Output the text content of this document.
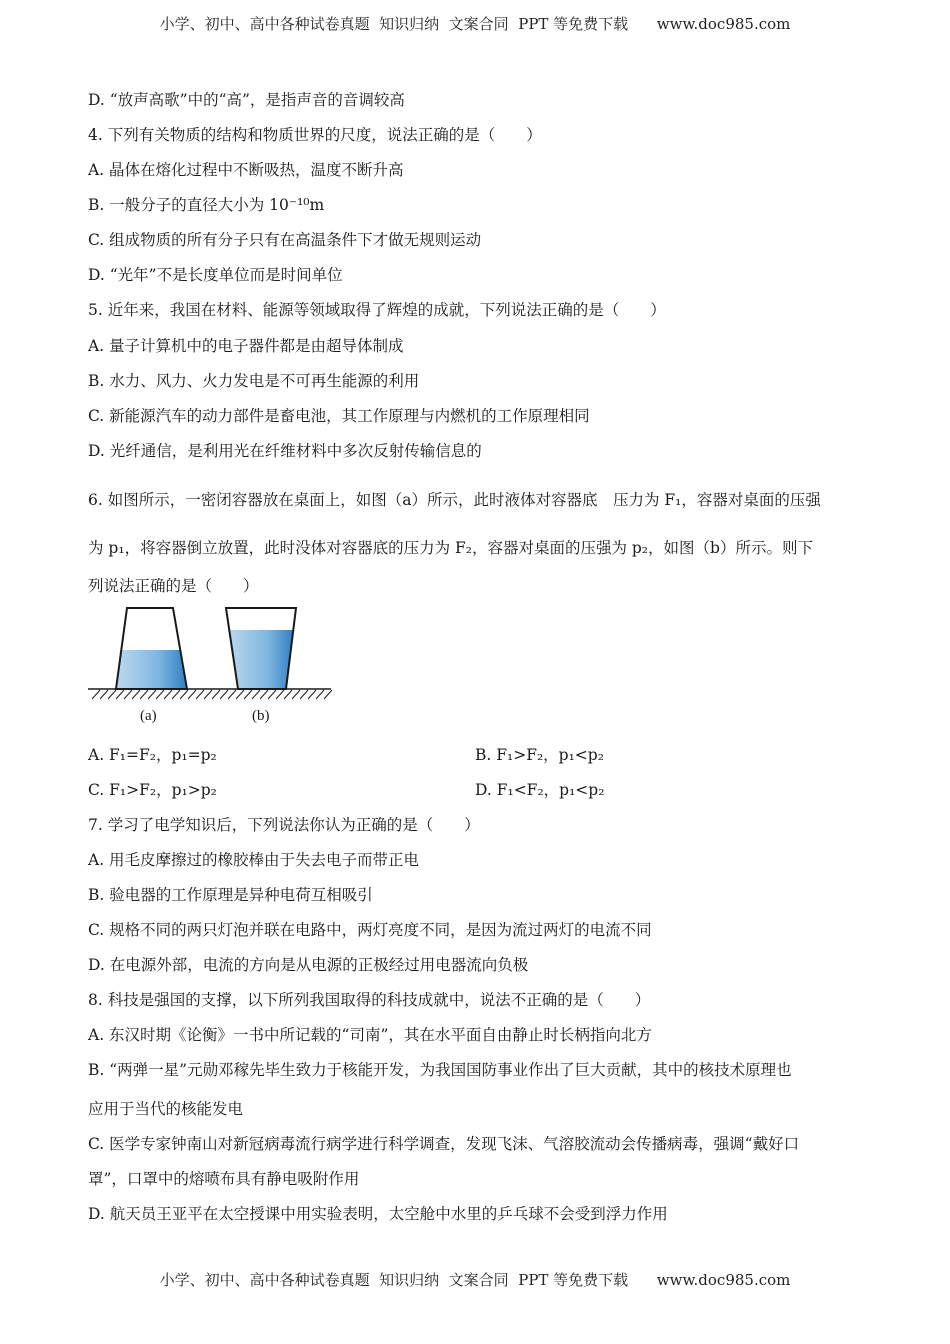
小学、初中、高中各种试卷真题  知识归纳  文案合同  PPT 等免费下载      www.doc985.com
D. “放声高歌”中的“高”，是指声音的音调较高
4. 下列有关物质的结构和物质世界的尺度，说法正确的是（　　）
A. 晶体在熔化过程中不断吸热，温度不断升高
B. 一般分子的直径大小为 10⁻¹⁰m
C. 组成物质的所有分子只有在高温条件下才做无规则运动
D. “光年”不是长度单位而是时间单位
5. 近年来，我国在材料、能源等领域取得了辉煌的成就，下列说法正确的是（　　）
A. 量子计算机中的电子器件都是由超导体制成
B. 水力、风力、火力发电是不可再生能源的利用
C. 新能源汽车的动力部件是畜电池，其工作原理与内燃机的工作原理相同
D. 光纤通信，是利用光在纤维材料中多次反射传输信息的
6. 如图所示，一密闭容器放在桌面上，如图（a）所示，此时液体对容器底　压力为 F₁，容器对桌面的压强
为 p₁，将容器倒立放置，此时没体对容器底的压力为 F₂，容器对桌面的压强为 p₂，如图（b）所示。则下
列说法正确的是（　　）
(a)	(b)
A. F₁=F₂，p₁=p₂	B. F₁>F₂，p₁<p₂
C. F₁>F₂，p₁>p₂	D. F₁<F₂，p₁<p₂
7. 学习了电学知识后，下列说法你认为正确的是（　　）
A. 用毛皮摩擦过的橡胶棒由于失去电子而带正电
B. 验电器的工作原理是异种电荷互相吸引
C. 规格不同的两只灯泡并联在电路中，两灯亮度不同，是因为流过两灯的电流不同
D. 在电源外部，电流的方向是从电源的正极经过用电器流向负极
8. 科技是强国的支撑，以下所列我国取得的科技成就中，说法不正确的是（　　）
A. 东汉时期《论衡》一书中所记载的“司南”，其在水平面自由静止时长柄指向北方
B. “两弹一星”元勋邓稼先毕生致力于核能开发，为我国国防事业作出了巨大贡献，其中的核技术原理也
应用于当代的核能发电
C. 医学专家钟南山对新冠病毒流行病学进行科学调查，发现飞沫、气溶胶流动会传播病毒，强调“戴好口
罩”，口罩中的熔喷布具有静电吸附作用
D. 航天员王亚平在太空授课中用实验表明，太空舱中水里的乒乓球不会受到浮力作用
小学、初中、高中各种试卷真题  知识归纳  文案合同  PPT 等免费下载      www.doc985.com
